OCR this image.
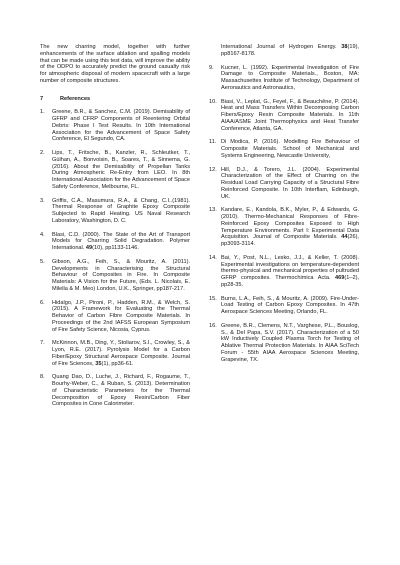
The new charring model, together with further enhancements of the surface ablation and spalling models that can be made using this test data, will improve the ability of the ODPO to accurately predict the ground casualty risk for atmospheric disposal of modern spacecraft with a large number of composite structures.

7	References
1.	Greene, B.R., & Sanchez, C.M. (2019). Demisability of GFRP and CFRP Components of Reentering Orbital Debris: Phase I Test Results. In 10th International Association for the Advancement of Space Safety Conference, El Segundo, CA.
2.	Lips, T., Fritsche, B., Kanzler, R., Schleutker, T., Gülhan, A., Bonvoisin, B., Soares, T., & Sinnema, G. (2016). About the Demisability of Propellan Tanks During Atmospheric Re-Entry from LEO. In 8th International Association for the Advancement of Space Safety Conference, Melbourne, FL.
3.	Griffis, C.A., Masumura, R.A., & Chang, C.I..(1981). Thermal Response of Graphite Epoxy Composite Subjected to Rapid Heating. US Naval Research Laboratory, Washington, D. C.
4.	Blasi, C.D. (2000). The State of the Art of Transport Models for Charring Solid Degradation. Polymer International. 49(10), pp1133-1146.
5.	Gibson, A.G., Feih, S., & Mouritz, A. (2011). Developments in Characterising the Structural Behaviour of Composites in Fire. In Composite Materials: A Vision for the Future, (Eds. L. Nicolais, E. Milella & M. Meo) London, U.K., Springer, pp187-217.
6.	Hidalgo, J.P., Pironi, P., Hadden, R.M., & Welch, S. (2015). A Framework for Evaluating the Thermal Behavior of Carbon Fibre Composite Materials. In Proceedings of the 2nd IAFSS European Symposium of Fire Safety Science, Nicosia, Cyprus.
7.	McKinnon, M.B., Ding, Y., Stoliarov, S.I., Crowley, S., & Lyon, R.E. (2017). Pyrolysis Model for a Carbon Fiber/Epoxy Structural Aerospace Composite. Journal of Fire Sciences, 35(1), pp36-61.
8.	Quang Dao, D., Luche, J., Richard, F., Rogaume, T., Bourhy-Weber, C., & Ruban, S. (2013). Determination of Characteristic Parameters for the Thermal Decomposition of Epoxy Resin/Carbon Fiber Composites in Cone Calorimeter.
International Journal of Hydrogen Energy. 38(19), pp8167-8178.
9.	Kucner, L. (1992). Experimental Investigation of Fire Damage to Composite Materials., Boston, MA: Massachusettes Institute of Technology, Department of Aeronautics and Astronautics,
10. Biasi, V., Leplat, G., Feyel, F., & Beauchêne, P. (2014). Heat and Mass Transfers Within Decomposing Carbon Fibers/Epoxy Resin Composite Materials. In 11th AIAA/ASME Joint Thermophysics and Heat Transfer Conference, Atlanta, GA.
11. Di Modica, P. (2016). Modelling Fire Behaviour of Composite Materials. School of Mechanical and Systems Engineering, Newcastle University,
12. Hill, D.J., & Torero, J.L. (2004). Experimental Characterization of the Effect of Charring on the Residual Load Carrying Capacity of a Structural Fibre Reinforced Composite. In 10th Interflam, Edinburgh, UK.
13. Kandare, E., Kandola, B.K., Myler, P., & Edwards, G. (2010). Thermo-Mechanical Responses of Fibre-Reinforced Epoxy Composites Exposed to High Temperature Environments. Part I: Experimental Data Acquisition. Journal of Composite Materials. 44(26), pp3093-3114.
14. Bai, Y., Post, N.L., Lesko, J.J., & Keller, T. (2008). Experimental investigations on temperature-dependent thermo-physical and mechanical properties of pultruded GFRP composites. Thermochimica Acta. 469(1–2), pp28-35.
15. Burns, L.A., Feih, S., & Mouritz, A. (2009). Fire-Under-Load Testing of Carbon Epoxy Composites. In 47th Aerospace Sciences Meeting, Orlando, FL.
16. Greene, B.R., Clemens, N.T., Varghese, P.L., Bouslog, S., & Del Papa, S.V. (2017). Characterization of a 50 kW Inductively Coupled Plasma Torch for Testing of Ablative Thermal Protection Materials. In AIAA SciTech Forum - 55th AIAA Aerospace Sciences Meeting, Grapevine, TX.
